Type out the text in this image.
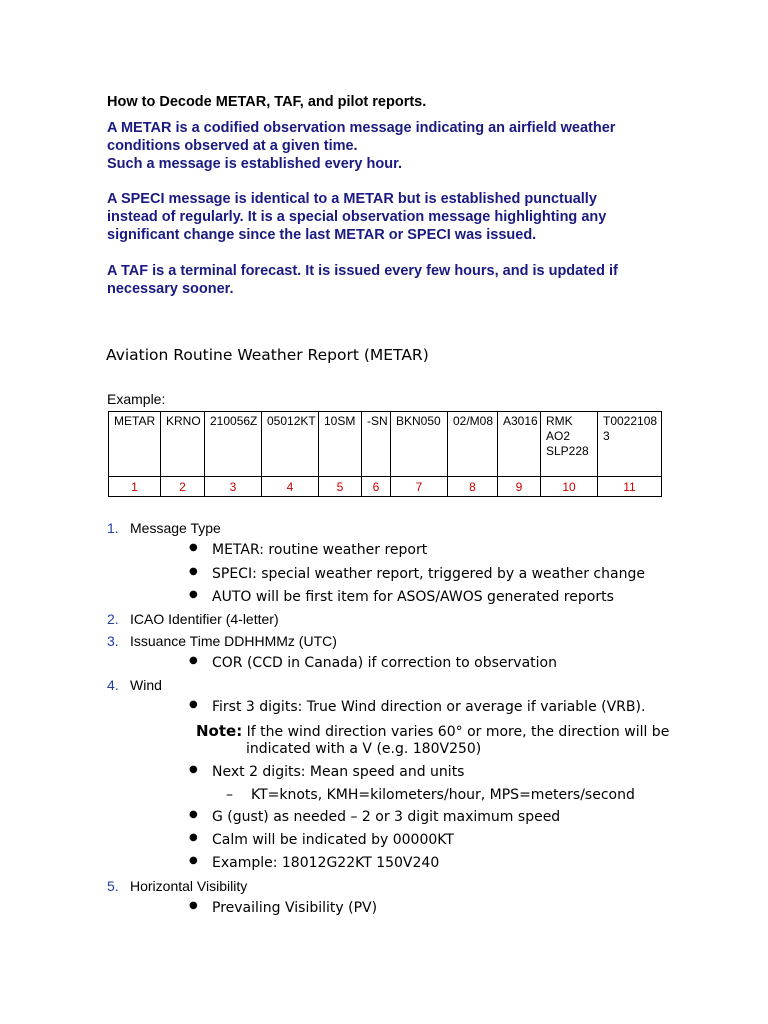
How to Decode METAR, TAF, and pilot reports.
A METAR is a codified observation message indicating an airfield weather
conditions observed at a given time.
Such a message is established every hour.
A SPECI message is identical to a METAR but is established punctually
instead of regularly. It is a special observation message highlighting any
significant change since the last METAR or SPECI was issued.
A TAF is a terminal forecast. It is issued every few hours, and is updated if
necessary sooner.
Aviation Routine Weather Report (METAR)
Example:
METAR	KRNO	210056Z	05012KT	10SM	-SN	BKN050	02/M08	A3016	RMK AO2 SLP228	T00221083
1	2	3	4	5	6	7	8	9	10	11
1. Message Type
● METAR: routine weather report
● SPECI: special weather report, triggered by a weather change
● AUTO will be first item for ASOS/AWOS generated reports
2. ICAO Identifier (4-letter)
3. Issuance Time DDHHMMz (UTC)
● COR (CCD in Canada) if correction to observation
4. Wind
● First 3 digits: True Wind direction or average if variable (VRB).
Note: If the wind direction varies 60° or more, the direction will be
indicated with a V (e.g. 180V250)
● Next 2 digits: Mean speed and units
– KT=knots, KMH=kilometers/hour, MPS=meters/second
● G (gust) as needed – 2 or 3 digit maximum speed
● Calm will be indicated by 00000KT
● Example: 18012G22KT 150V240
5. Horizontal Visibility
● Prevailing Visibility (PV)
